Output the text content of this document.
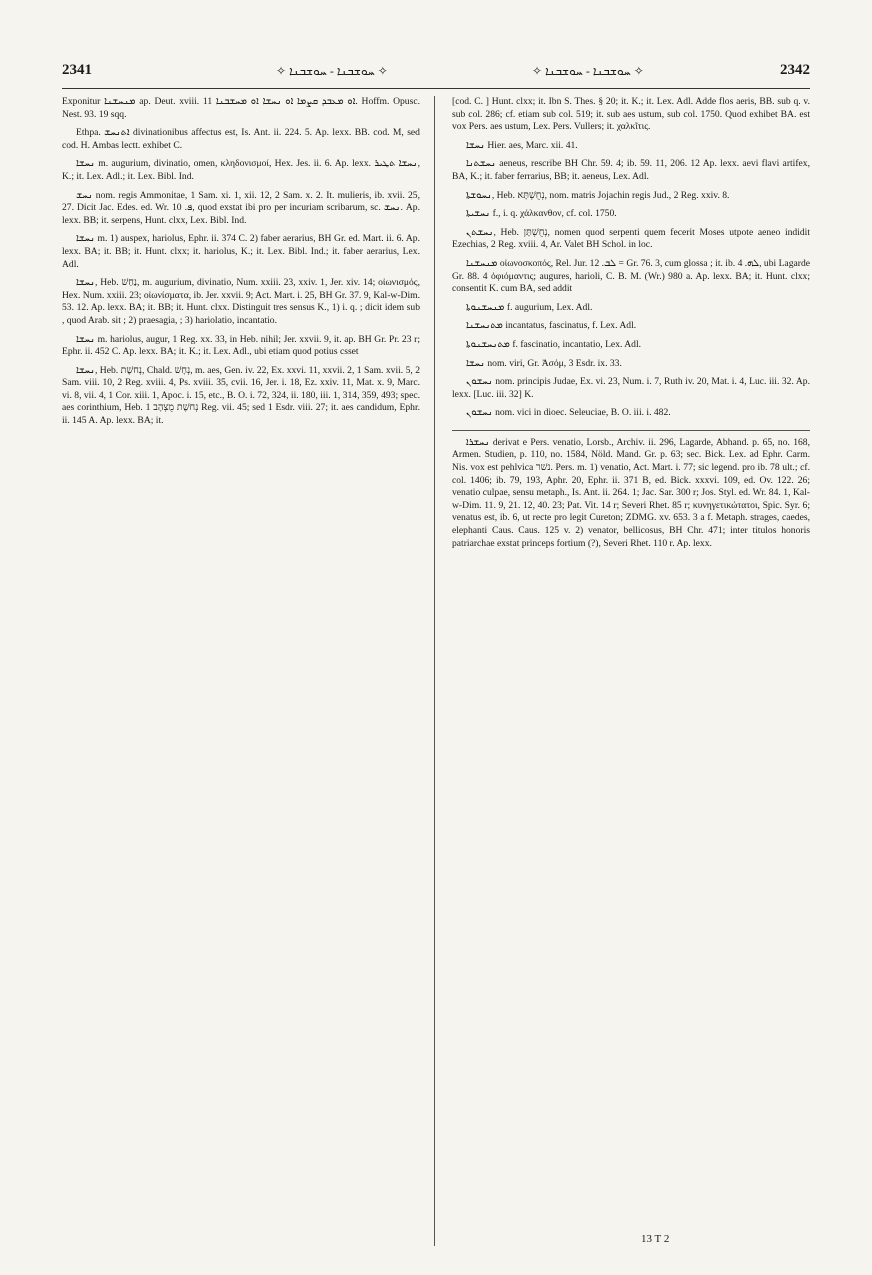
2341	✧ ܚܘܫܒܢܐ - ܚܘܫܒܢܐ ✧	✧ ܚܘܫܒܢܐ - ܚܘܫܒܢܐ ✧	2342

Exponitur ܡܢܚܫܢܐ ap. Deut. xviii. 11 ܐܘ ܡܥܒܕ ܩܨܡܐ ܐܘ ܢܚܫܐ ܐܘ ܡܚܫܒܢܐ. Hoffm. Opusc. Nest. 93. 19 sqq.

Ethpa. ܐܬܢܚܫ divinationibus affectus est, Is. Ant. ii. 224. 5. Ap. lexx. BB. cod. M, sed cod. H. Ambas lectt. exhibet C.

ܢܚܫܐ m. augurium, divinatio, omen, κληδονισμοί, Hex. Jes. ii. 6. Ap. lexx. ܢܚܫܐ ܬܛܝܪ, K.; it. Lex. Adl.; it. Lex. Bibl. Ind.

ܢܚܫ nom. regis Ammonitae, 1 Sam. xi. 1, xii. 12, 2 Sam. x. 2. It. mulieris, ib. xvii. 25, 27. Dicit Jac. Edes. ed. Wr. ܦ. 10, quod exstat ibi pro per incuriam scribarum, sc. ܢܚܫ. Ap. lexx. BB; it. serpens, Hunt. clxx, Lex. Bibl. Ind.

ܢܚܫܐ m. 1) auspex, hariolus, Ephr. ii. 374 C. 2) faber aerarius, BH Gr. ed. Mart. ii. 6. Ap. lexx. BA; it. BB; it. Hunt. clxx; it. hariolus, K.; it. Lex. Bibl. Ind.; it. faber aerarius, Lex. Adl.

ܢܚܫܐ, Heb. נַחַשׁ, m. augurium, divinatio, Num. xxiii. 23, xxiv. 1, Jer. xiv. 14; οἰωνισμός, Hex. Num. xxiii. 23; οἰωνίσματα, ib. Jer. xxvii. 9; Act. Mart. i. 25, BH Gr. 37. 9, Kal-w-Dim. 53. 12. Ap. lexx. BA; it. BB; it. Hunt. clxx. Distinguit tres sensus K., 1) i. q. ; dicit idem sub , quod Arab. sit ; 2) praesagia, ; 3) hariolatio, incantatio.

ܢܚܫܐ m. hariolus, augur, 1 Reg. xx. 33, in Heb. nihil; Jer. xxvii. 9, it. ap. BH Gr. Pr. 23 r; Ephr. ii. 452 C. Ap. lexx. BA; it. K.; it. Lex. Adl., ubi etiam quod potius csset

ܢܚܫܐ, Heb. נְחשֶׁת, Chald. נְחָשׁ, m. aes, Gen. iv. 22, Ex. xxvi. 11, xxvii. 2, 1 Sam. xvii. 5, 2 Sam. viii. 10, 2 Reg. xviii. 4, Ps. xviii. 35, cvii. 16, Jer. i. 18, Ez. xxiv. 11, Mat. x. 9, Marc. vi. 8, vii. 4, 1 Cor. xiii. 1, Apoc. i. 15, etc., B. O. i. 72, 324, ii. 180, iii. 1, 314, 359, 493; spec. aes corinthium, Heb. נְחשֶׁת מֻצְהָב 1 Reg. vii. 45; sed 1 Esdr. viii. 27; it. aes candidum, Ephr. ii. 145 A. Ap. lexx. BA; it.

[cod. C. ] Hunt. clxx; it. Ibn S. Thes. § 20; it. K.; it. Lex. Adl. Adde flos aeris, BB. sub q. v. sub col. 286; cf. etiam sub col. 519; it. sub aes ustum, sub col. 1750. Quod exhibet BA. est vox Pers. aes ustum, Lex. Pers. Vullers; it. χαλκῖτις.

ܢܚܫܐ Hier. aes, Marc. xii. 41.

ܢܚܫܬܢܐ aeneus, rescribe BH Chr. 59. 4; ib. 59. 11, 206. 12 Ap. lexx. aevi flavi artifex, BA, K.; it. faber ferrarius, BB; it. aeneus, Lex. Adl.

ܢܚܘܫܬܐ, Heb. נְחֻשְׁתָּא, nom. matris Jojachin regis Jud., 2 Reg. xxiv. 8.

ܢܚܫܝܬܐ f., i. q. χάλκανθον, cf. col. 1750.

ܢܚܫܬܢ, Heb. נְחֻשְׁתָּן, nomen quod serpenti quem fecerit Moses utpote aeneo indidit Ezechias, 2 Reg. xviii. 4, Ar. Valet BH Schol. in loc.

ܡܢܚܫܢܐ οἰωνοσκοπός, Rel. Jur. ܠܒ. 12 = Gr. 76. 3, cum glossa ; it. ib. ܠܗ. 4, ubi Lagarde Gr. 88. 4 ὀφιόμαντις; augures, harioli, C. B. M. (Wr.) 980 a. Ap. lexx. BA; it. Hunt. clxx; consentit K. cum BA, sed addit

ܡܢܚܫܢܘܬܐ f. augurium, Lex. Adl.

ܡܬܢܚܫܢܐ incantatus, fascinatus, f. Lex. Adl.

ܡܬܢܚܫܢܘܬܐ f. fascinatio, incantatio, Lex. Adl.

ܢܚܫܐ nom. viri, Gr. Ἀσόμ, 3 Esdr. ix. 33.

ܢܚܫܘܢ nom. principis Judae, Ex. vi. 23, Num. i. 7, Ruth iv. 20, Mat. i. 4, Luc. iii. 32. Ap. lexx. [Luc. iii. 32] K.

ܢܚܫܘܢ nom. vici in dioec. Seleuciae, B. O. iii. i. 482.

ܢܚܫܪܐ derivat e Pers. venatio, Lorsb., Archiv. ii. 296, Lagarde, Abhand. p. 65, no. 168, Armen. Studien, p. 110, no. 1584, Nöld. Mand. Gr. p. 63; sec. Bick. Lex. ad Ephr. Carm. Nis. vox est pehlvica נשׁר. Pers. m. 1) venatio, Act. Mart. i. 77; sic legend. pro ib. 78 ult.; cf. col. 1406; ib. 79, 193, Aphr. 20, Ephr. ii. 371 B, ed. Bick. xxxvi. 109, ed. Ov. 122. 26; venatio culpae, sensu metaph., Is. Ant. ii. 264. 1; Jac. Sar. 300 r; Jos. Styl. ed. Wr. 84. 1, Kal-w-Dim. 11. 9, 21. 12, 40. 23; Pat. Vit. 14 r; Severi Rhet. 85 r; κυνηγετικώτατοι, Spic. Syr. 6; venatus est, ib. 6, ut recte pro legit Cureton; ZDMG. xv. 653. 3 a f. Metaph. strages, caedes, elephanti Caus. Caus. 125 v. 2) venator, bellicosus, BH Chr. 471; inter titulos honoris patriarchae exstat princeps fortium (?), Severi Rhet. 110 r. Ap. lexx.

13 T 2
